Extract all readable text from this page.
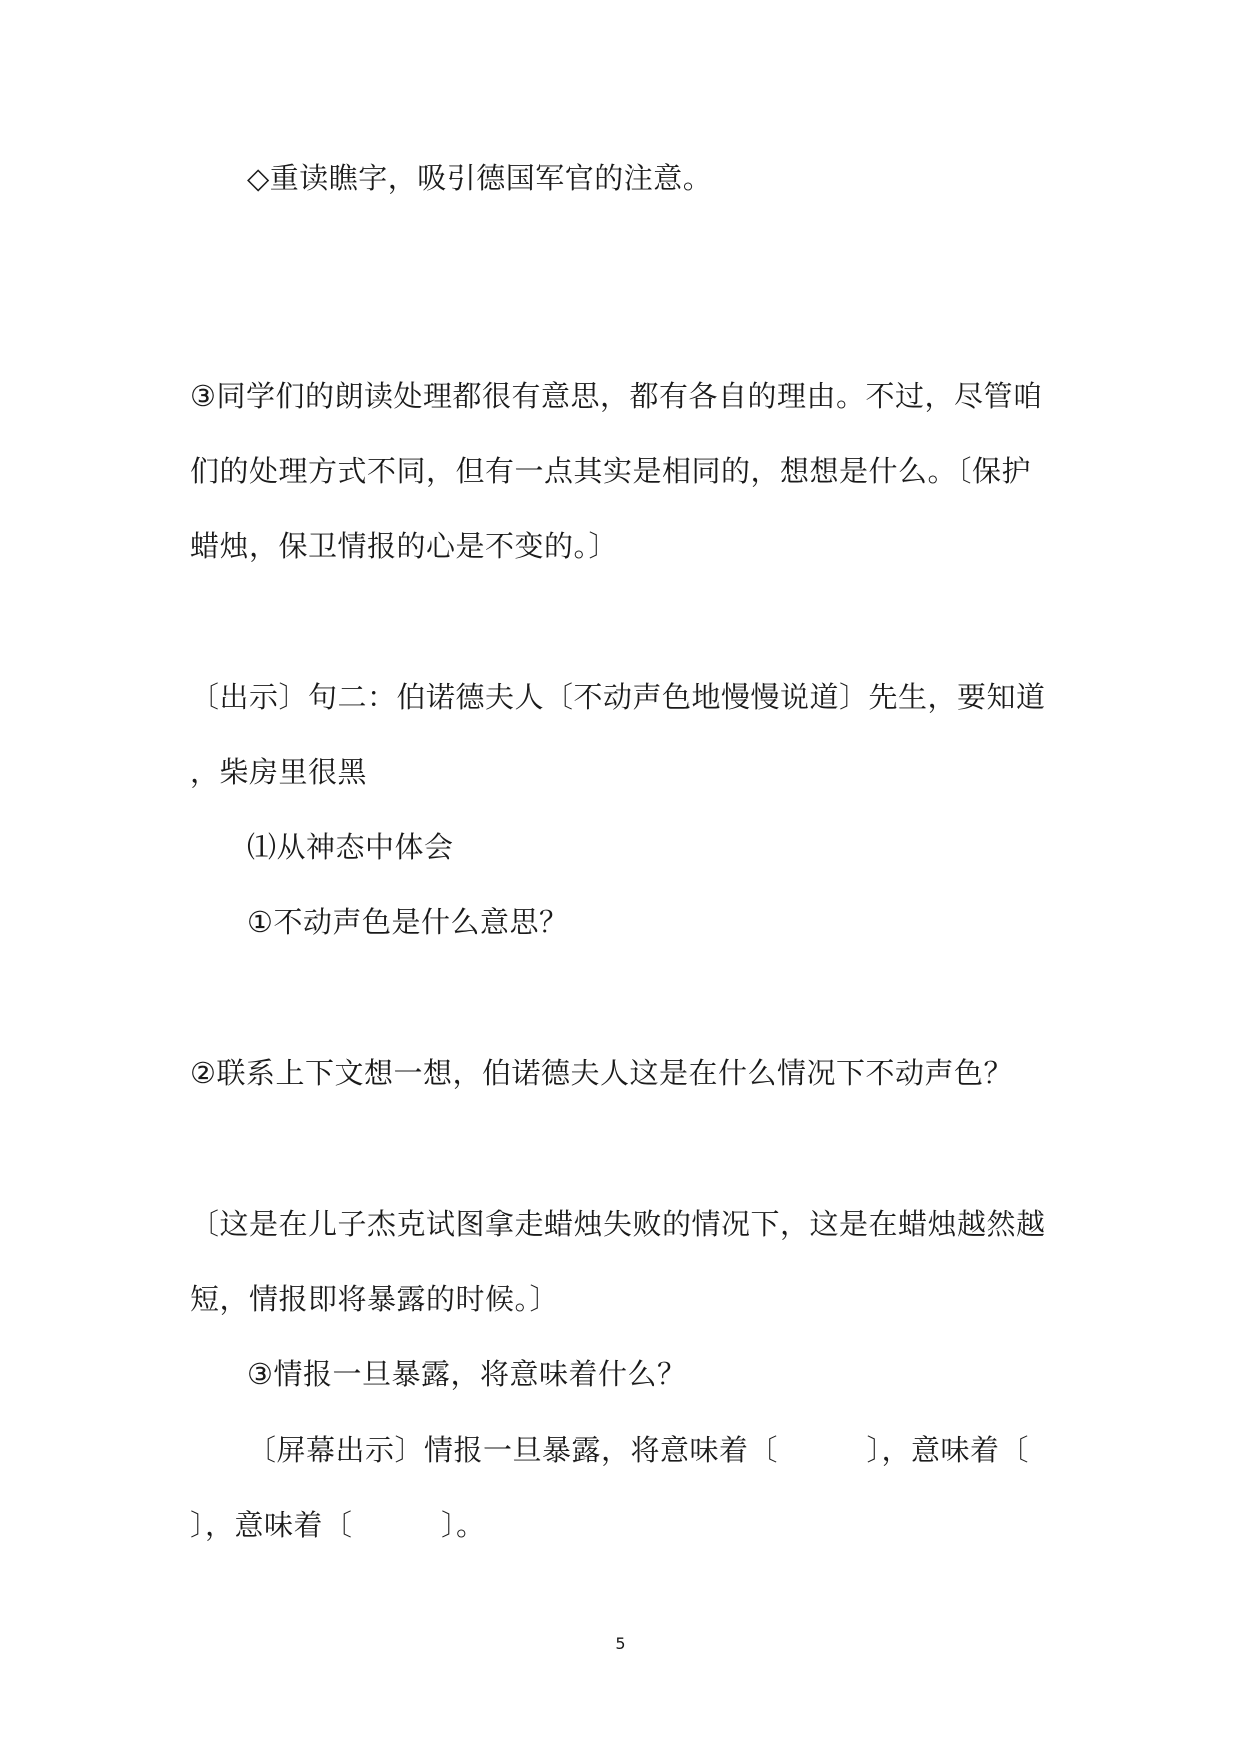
◇重读瞧字，吸引德国军官的注意。
③同学们的朗读处理都很有意思，都有各自的理由。不过，尽管咱
们的处理方式不同，但有一点其实是相同的，想想是什么。〔保护
蜡烛，保卫情报的心是不变的。〕
〔出示〕句二：伯诺德夫人〔不动声色地慢慢说道〕先生，要知道
，柴房里很黑
⑴从神态中体会
①不动声色是什么意思？
②联系上下文想一想，伯诺德夫人这是在什么情况下不动声色？
〔这是在儿子杰克试图拿走蜡烛失败的情况下，这是在蜡烛越然越
短，情报即将暴露的时候。〕
③情报一旦暴露，将意味着什么？
〔屏幕出示〕情报一旦暴露，将意味着〔　　　〕，意味着〔
〕，意味着〔　　　〕。
5
